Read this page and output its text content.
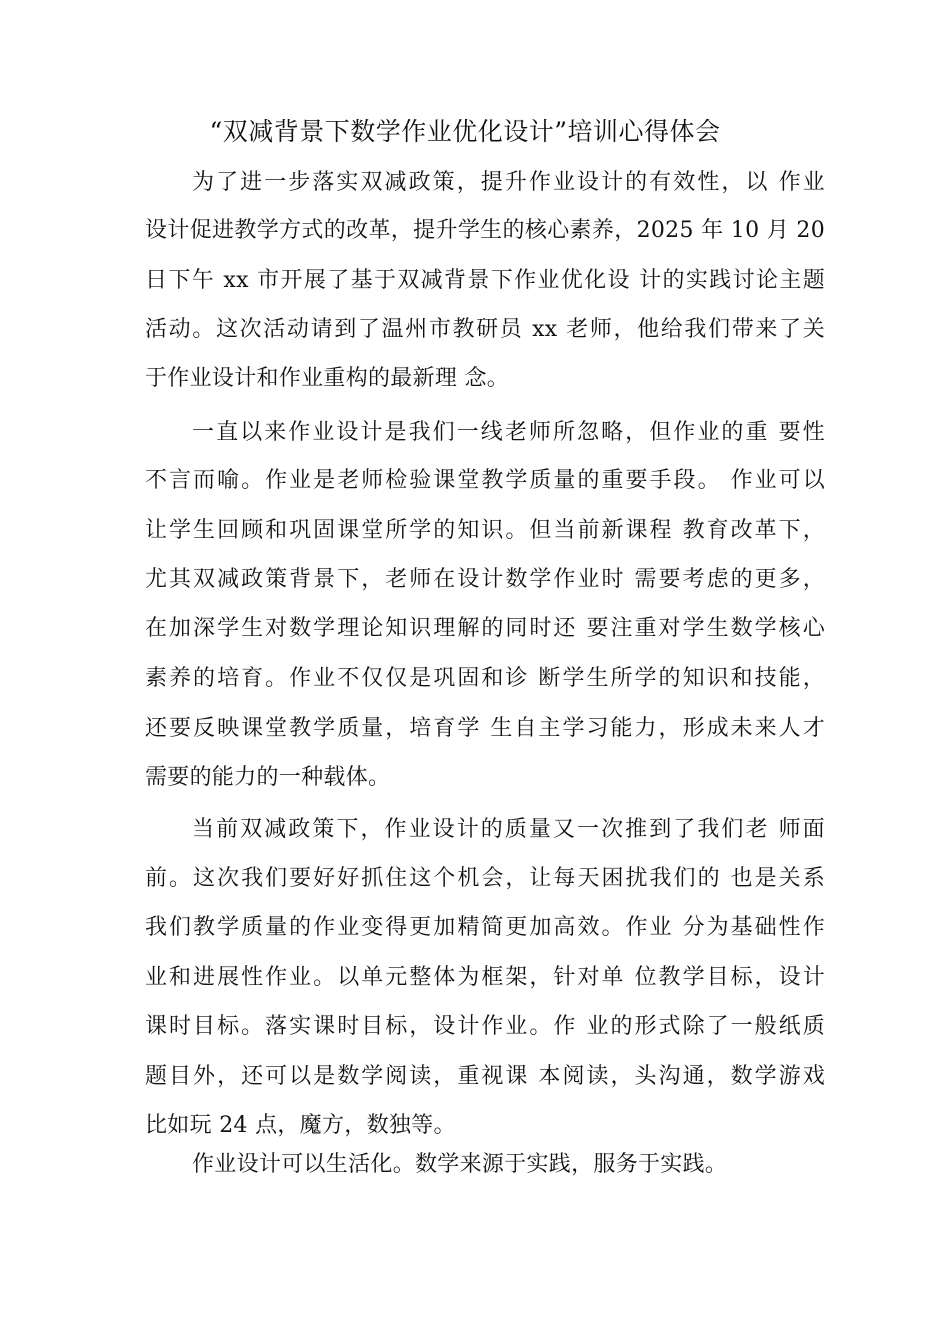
“双减背景下数学作业优化设计”培训心得体会
为了进一步落实双减政策，提升作业设计的有效性，以 作业
设计促进教学方式的改革，提升学生的核心素养，2025 年 10 月 20
日下午 xx 市开展了基于双减背景下作业优化设 计的实践讨论主题
活动。这次活动请到了温州市教研员 xx 老师，他给我们带来了关
于作业设计和作业重构的最新理 念。
一直以来作业设计是我们一线老师所忽略，但作业的重 要性
不言而喻。作业是老师检验课堂教学质量的重要手段。 作业可以
让学生回顾和巩固课堂所学的知识。但当前新课程 教育改革下，
尤其双减政策背景下，老师在设计数学作业时 需要考虑的更多，
在加深学生对数学理论知识理解的同时还 要注重对学生数学核心
素养的培育。作业不仅仅是巩固和诊 断学生所学的知识和技能，
还要反映课堂教学质量，培育学 生自主学习能力，形成未来人才
需要的能力的一种载体。
当前双减政策下，作业设计的质量又一次推到了我们老 师面
前。这次我们要好好抓住这个机会，让每天困扰我们的 也是关系
我们教学质量的作业变得更加精简更加高效。作业 分为基础性作
业和进展性作业。以单元整体为框架，针对单 位教学目标，设计
课时目标。落实课时目标，设计作业。作 业的形式除了一般纸质
题目外，还可以是数学阅读，重视课 本阅读，头沟通，数学游戏
比如玩 24 点，魔方，数独等。
作业设计可以生活化。数学来源于实践，服务于实践。
